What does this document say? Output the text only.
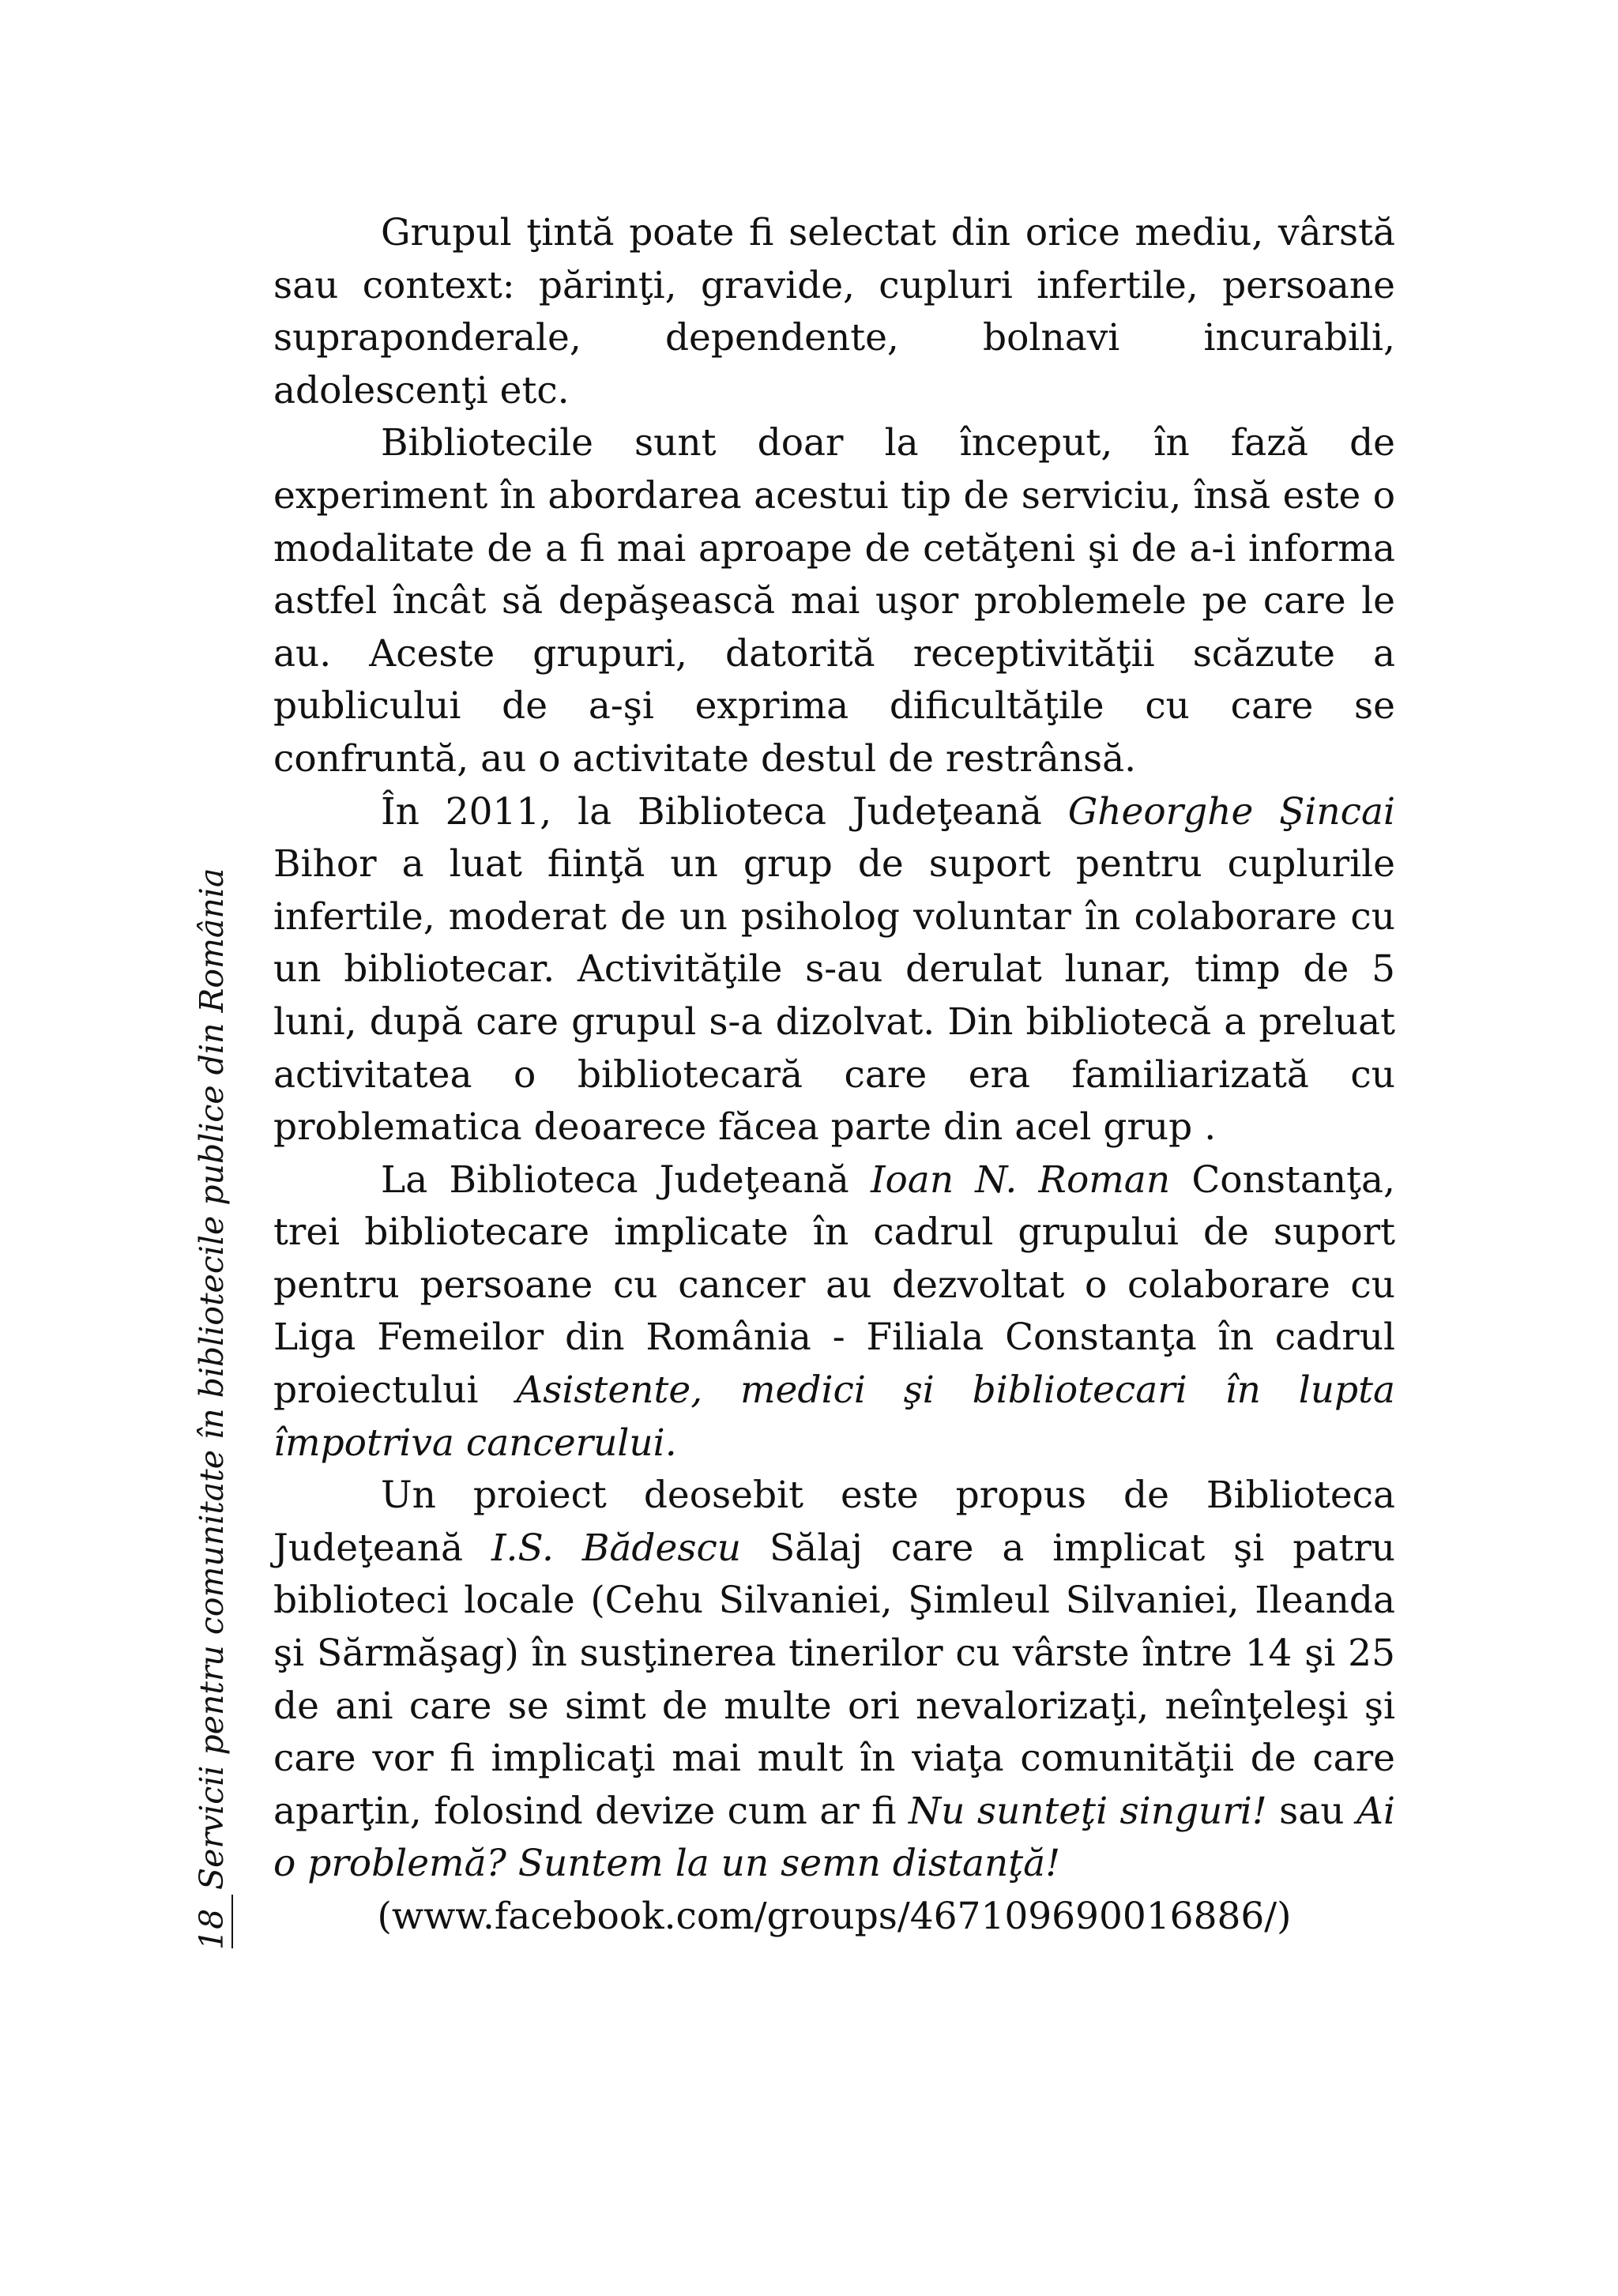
Servicii pentru comunitate în bibliotecile publice din România
18

Grupul ţintă poate fi selectat din orice mediu, vârstă sau context: părinţi, gravide, cupluri infertile, persoane supraponderale, dependente, bolnavi incurabili, adolescenţi etc.

Bibliotecile sunt doar la început, în fază de experiment în abordarea acestui tip de serviciu, însă este o modalitate de a fi mai aproape de cetăţeni şi de a-i informa astfel încât să depăşească mai uşor problemele pe care le au. Aceste grupuri, datorită receptivităţii scăzute a publicului de a-şi exprima dificultăţile cu care se confruntă, au o activitate destul de restrânsă.

În 2011, la Biblioteca Judeţeană Gheorghe Şincai Bihor a luat fiinţă un grup de suport pentru cuplurile infertile, moderat de un psiholog voluntar în colaborare cu un bibliotecar. Activităţile s-au derulat lunar, timp de 5 luni, după care grupul s-a dizolvat. Din bibliotecă a preluat activitatea o bibliotecară care era familiarizată cu problematica deoarece făcea parte din acel grup .

La Biblioteca Judeţeană Ioan N. Roman Constanţa, trei bibliotecare implicate în cadrul grupului de suport pentru persoane cu cancer au dezvoltat o colaborare cu Liga Femeilor din România - Filiala Constanţa în cadrul proiectului Asistente, medici şi bibliotecari în lupta împotriva cancerului.

Un proiect deosebit este propus de Biblioteca Judeţeană I.S. Bădescu Sălaj care a implicat şi patru biblioteci locale (Cehu Silvaniei, Şimleul Silvaniei, Ileanda şi Sărmăşag) în susţinerea tinerilor cu vârste între 14 şi 25 de ani care se simt de multe ori nevalorizaţi, neînţeleşi şi care vor fi implicaţi mai mult în viaţa comunităţii de care aparţin, folosind devize cum ar fi Nu sunteţi singuri! sau Ai o problemă? Suntem la un semn distanţă!

(www.facebook.com/groups/467109690016886/)
